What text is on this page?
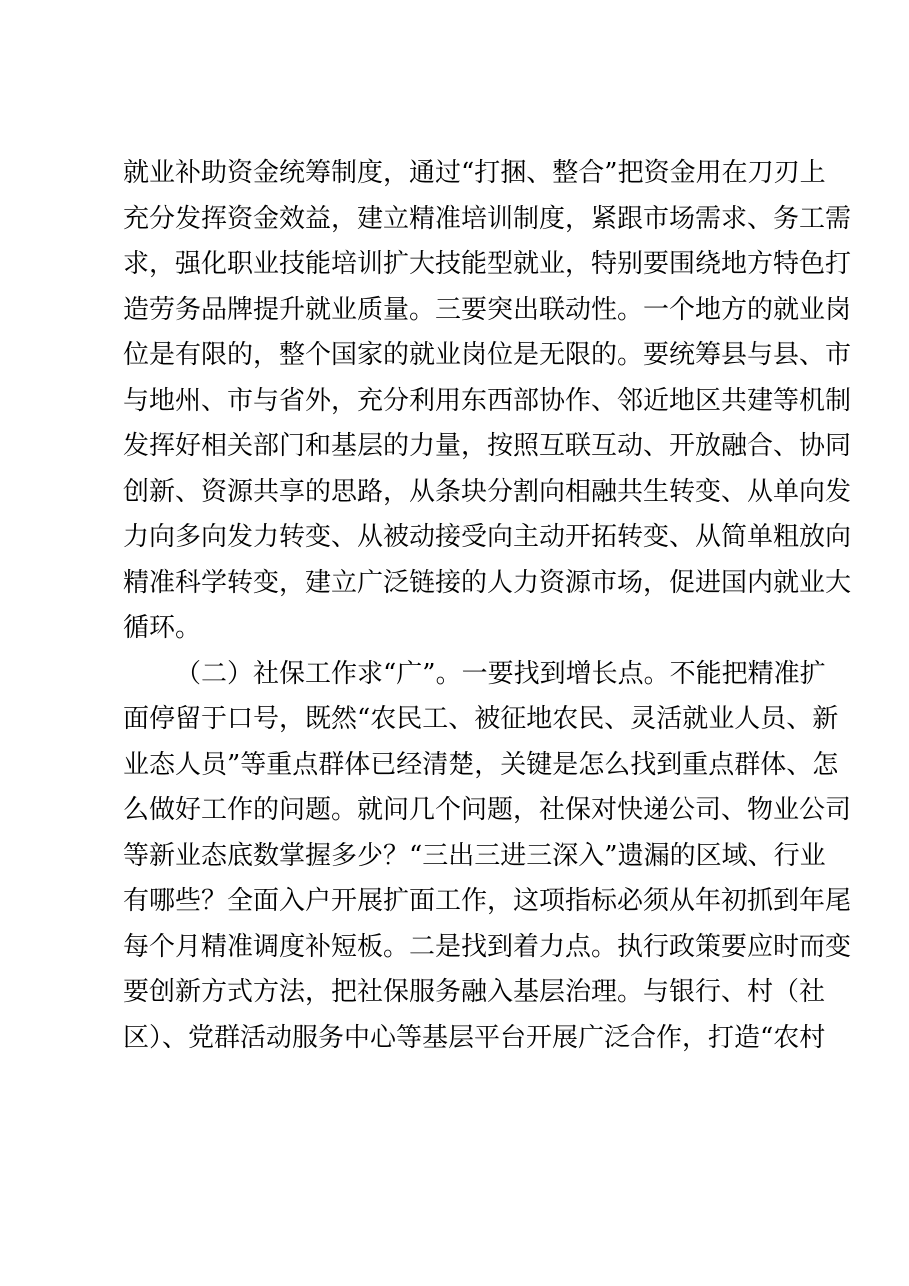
就业补助资金统筹制度，通过“打捆、整合”把资金用在刀刃上
充分发挥资金效益，建立精准培训制度，紧跟市场需求、务工需
求，强化职业技能培训扩大技能型就业，特别要围绕地方特色打
造劳务品牌提升就业质量。三要突出联动性。一个地方的就业岗
位是有限的，整个国家的就业岗位是无限的。要统筹县与县、市
与地州、市与省外，充分利用东西部协作、邻近地区共建等机制
发挥好相关部门和基层的力量，按照互联互动、开放融合、协同
创新、资源共享的思路，从条块分割向相融共生转变、从单向发
力向多向发力转变、从被动接受向主动开拓转变、从简单粗放向
精准科学转变，建立广泛链接的人力资源市场，促进国内就业大
循环。
（二）社保工作求“广”。一要找到增长点。不能把精准扩
面停留于口号，既然“农民工、被征地农民、灵活就业人员、新
业态人员”等重点群体已经清楚，关键是怎么找到重点群体、怎
么做好工作的问题。就问几个问题，社保对快递公司、物业公司
等新业态底数掌握多少？“三出三进三深入”遗漏的区域、行业
有哪些？全面入户开展扩面工作，这项指标必须从年初抓到年尾
每个月精准调度补短板。二是找到着力点。执行政策要应时而变
要创新方式方法，把社保服务融入基层治理。与银行、村（社
区）、党群活动服务中心等基层平台开展广泛合作，打造“农村
